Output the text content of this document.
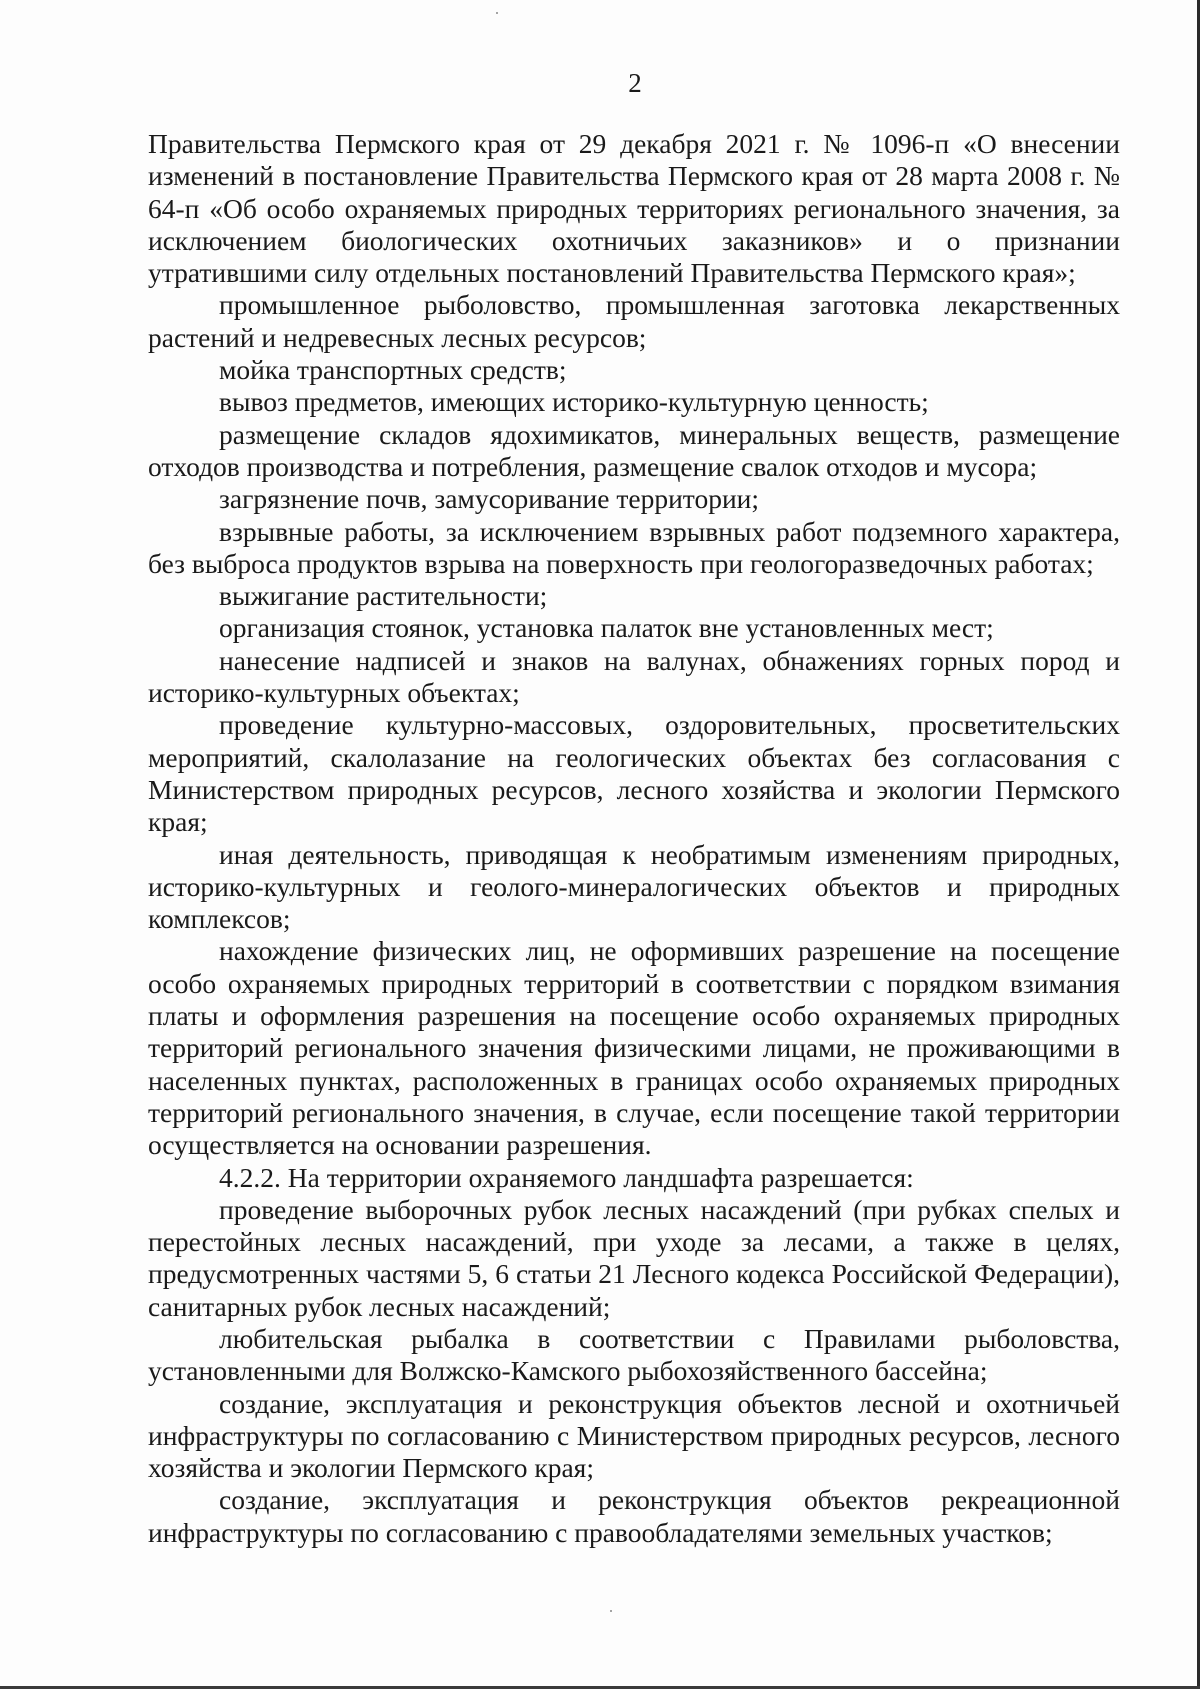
2

Правительства Пермского края от 29 декабря 2021 г. № 1096-п «О внесении изменений в постановление Правительства Пермского края от 28 марта 2008 г. № 64-п «Об особо охраняемых природных территориях регионального значения, за исключением биологических охотничьих заказников» и о признании утратившими силу отдельных постановлений Правительства Пермского края»;

промышленное рыболовство, промышленная заготовка лекарственных растений и недревесных лесных ресурсов;

мойка транспортных средств;

вывоз предметов, имеющих историко-культурную ценность;

размещение складов ядохимикатов, минеральных веществ, размещение отходов производства и потребления, размещение свалок отходов и мусора;

загрязнение почв, замусоривание территории;

взрывные работы, за исключением взрывных работ подземного характера, без выброса продуктов взрыва на поверхность при геологоразведочных работах;

выжигание растительности;

организация стоянок, установка палаток вне установленных мест;

нанесение надписей и знаков на валунах, обнажениях горных пород и историко-культурных объектах;

проведение культурно-массовых, оздоровительных, просветительских мероприятий, скалолазание на геологических объектах без согласования с Министерством природных ресурсов, лесного хозяйства и экологии Пермского края;

иная деятельность, приводящая к необратимым изменениям природных, историко-культурных и геолого-минералогических объектов и природных комплексов;

нахождение физических лиц, не оформивших разрешение на посещение особо охраняемых природных территорий в соответствии с порядком взимания платы и оформления разрешения на посещение особо охраняемых природных территорий регионального значения физическими лицами, не проживающими в населенных пунктах, расположенных в границах особо охраняемых природных территорий регионального значения, в случае, если посещение такой территории осуществляется на основании разрешения.

4.2.2. На территории охраняемого ландшафта разрешается:

проведение выборочных рубок лесных насаждений (при рубках спелых и перестойных лесных насаждений, при уходе за лесами, а также в целях, предусмотренных частями 5, 6 статьи 21 Лесного кодекса Российской Федерации), санитарных рубок лесных насаждений;

любительская рыбалка в соответствии с Правилами рыболовства, установленными для Волжско-Камского рыбохозяйственного бассейна;

создание, эксплуатация и реконструкция объектов лесной и охотничьей инфраструктуры по согласованию с Министерством природных ресурсов, лесного хозяйства и экологии Пермского края;

создание, эксплуатация и реконструкция объектов рекреационной инфраструктуры по согласованию с правообладателями земельных участков;
